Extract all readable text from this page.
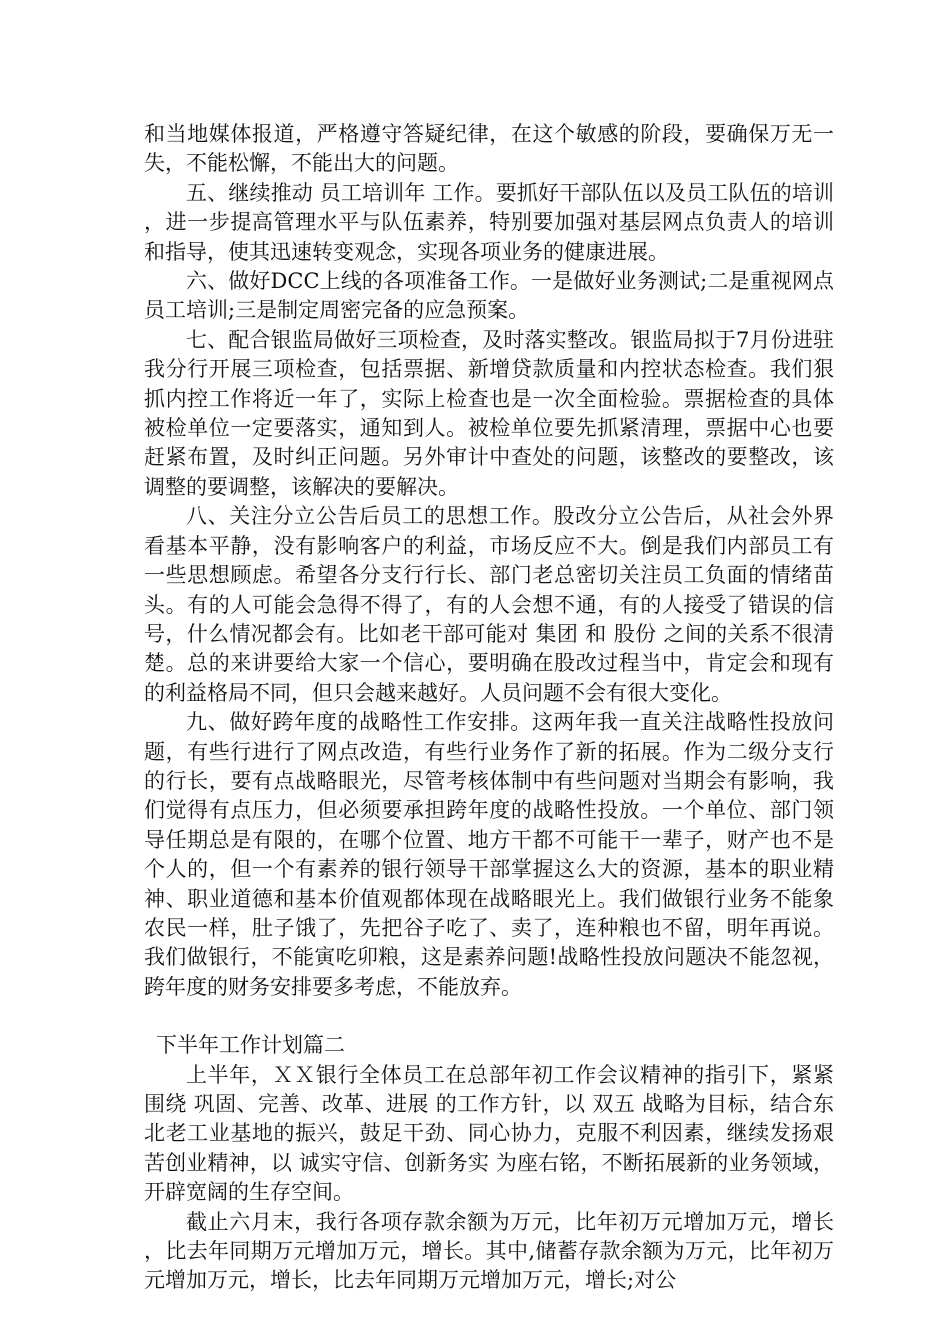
和当地媒体报道，严格遵守答疑纪律，在这个敏感的阶段，要确保万无一失，不能松懈，不能出大的问题。

五、继续推动 员工培训年 工作。要抓好干部队伍以及员工队伍的培训，进一步提高管理水平与队伍素养，特别要加强对基层网点负责人的培训和指导，使其迅速转变观念，实现各项业务的健康进展。

六、做好DCC上线的各项准备工作。一是做好业务测试;二是重视网点员工培训;三是制定周密完备的应急预案。

七、配合银监局做好三项检查，及时落实整改。银监局拟于7月份进驻我分行开展三项检查，包括票据、新增贷款质量和内控状态检查。我们狠抓内控工作将近一年了，实际上检查也是一次全面检验。票据检查的具体被检单位一定要落实，通知到人。被检单位要先抓紧清理，票据中心也要赶紧布置，及时纠正问题。另外审计中查处的问题，该整改的要整改，该调整的要调整，该解决的要解决。

八、关注分立公告后员工的思想工作。股改分立公告后，从社会外界看基本平静，没有影响客户的利益，市场反应不大。倒是我们内部员工有一些思想顾虑。希望各分支行行长、部门老总密切关注员工负面的情绪苗头。有的人可能会急得不得了，有的人会想不通，有的人接受了错误的信号，什么情况都会有。比如老干部可能对 集团 和 股份 之间的关系不很清楚。总的来讲要给大家一个信心，要明确在股改过程当中，肯定会和现有的利益格局不同，但只会越来越好。人员问题不会有很大变化。

九、做好跨年度的战略性工作安排。这两年我一直关注战略性投放问题，有些行进行了网点改造，有些行业务作了新的拓展。作为二级分支行的行长，要有点战略眼光，尽管考核体制中有些问题对当期会有影响，我们觉得有点压力，但必须要承担跨年度的战略性投放。一个单位、部门领导任期总是有限的，在哪个位置、地方干都不可能干一辈子，财产也不是个人的，但一个有素养的银行领导干部掌握这么大的资源，基本的职业精神、职业道德和基本价值观都体现在战略眼光上。我们做银行业务不能象农民一样，肚子饿了，先把谷子吃了、卖了，连种粮也不留，明年再说。我们做银行，不能寅吃卯粮，这是素养问题!战略性投放问题决不能忽视，跨年度的财务安排要多考虑，不能放弃。

下半年工作计划篇二

上半年，ＸＸ银行全体员工在总部年初工作会议精神的指引下，紧紧围绕 巩固、完善、改革、进展 的工作方针，以 双五 战略为目标，结合东北老工业基地的振兴，鼓足干劲、同心协力，克服不利因素，继续发扬艰苦创业精神，以 诚实守信、创新务实 为座右铭，不断拓展新的业务领域，开辟宽阔的生存空间。

截止六月末，我行各项存款余额为万元，比年初万元增加万元，增长，比去年同期万元增加万元，增长。其中,储蓄存款余额为万元，比年初万元增加万元，增长，比去年同期万元增加万元，增长;对公
